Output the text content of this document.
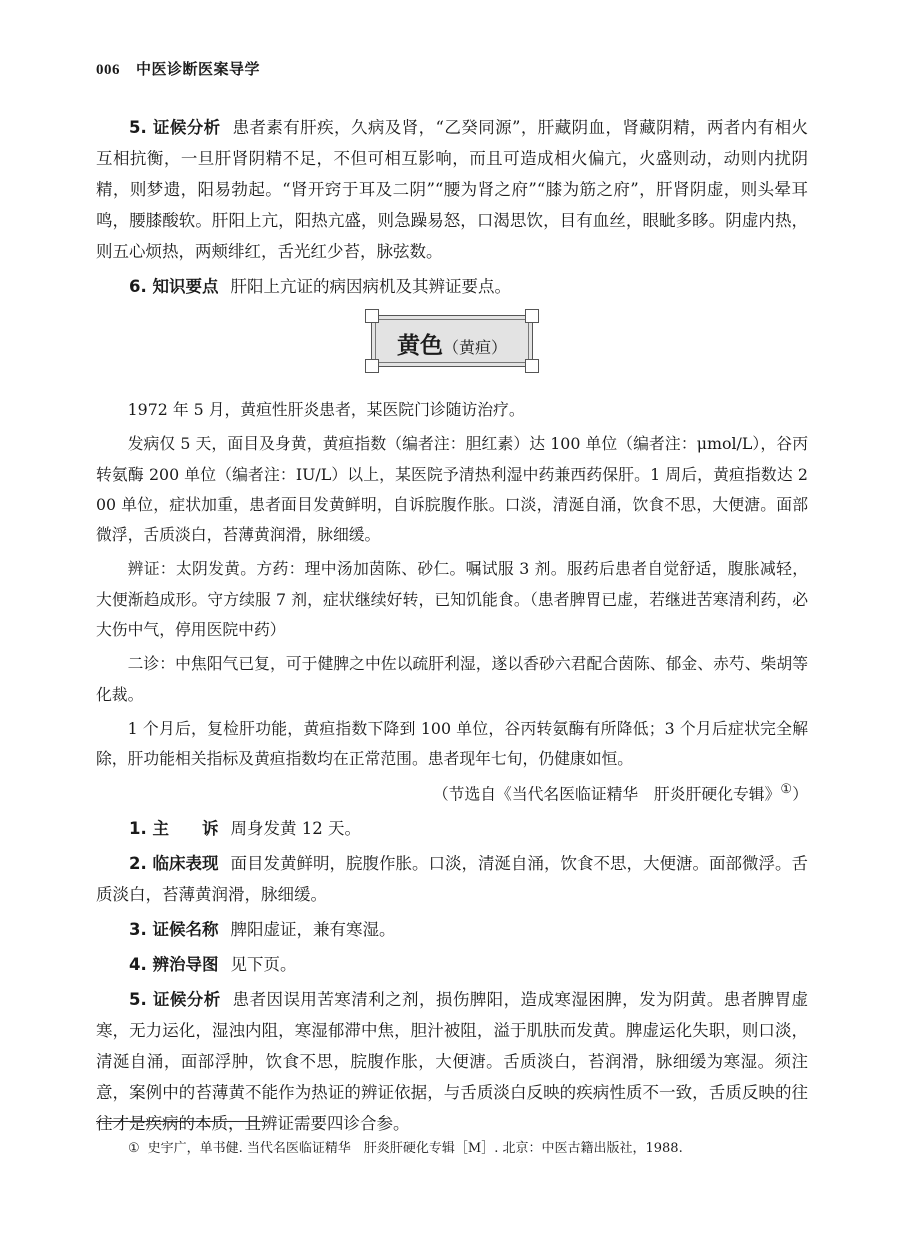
006 中医诊断医案导学

5. 证候分析 患者素有肝疾，久病及肾，“乙癸同源”，肝藏阴血，肾藏阴精，两者内有相火互相抗衡，一旦肝肾阴精不足，不但可相互影响，而且可造成相火偏亢，火盛则动，动则内扰阴精，则梦遗，阳易勃起。“肾开窍于耳及二阴”“腰为肾之府”“膝为筋之府”，肝肾阴虚，则头晕耳鸣，腰膝酸软。肝阳上亢，阳热亢盛，则急躁易怒，口渴思饮，目有血丝，眼眦多眵。阴虚内热，则五心烦热，两颊绯红，舌光红少苔，脉弦数。

6. 知识要点 肝阳上亢证的病因病机及其辨证要点。

黄色（黄疸）

1972 年 5 月，黄疸性肝炎患者，某医院门诊随访治疗。

发病仅 5 天，面目及身黄，黄疸指数（编者注：胆红素）达 100 单位（编者注：μmol/L），谷丙转氨酶 200 单位（编者注：IU/L）以上，某医院予清热利湿中药兼西药保肝。1 周后，黄疸指数达 200 单位，症状加重，患者面目发黄鲜明，自诉脘腹作胀。口淡，清涎自涌，饮食不思，大便溏。面部微浮，舌质淡白，苔薄黄润滑，脉细缓。

辨证：太阴发黄。方药：理中汤加茵陈、砂仁。嘱试服 3 剂。服药后患者自觉舒适，腹胀减轻，大便渐趋成形。守方续服 7 剂，症状继续好转，已知饥能食。（患者脾胃已虚，若继进苦寒清利药，必大伤中气，停用医院中药）

二诊：中焦阳气已复，可于健脾之中佐以疏肝利湿，遂以香砂六君配合茵陈、郁金、赤芍、柴胡等化裁。

1 个月后，复检肝功能，黄疸指数下降到 100 单位，谷丙转氨酶有所降低；3 个月后症状完全解除，肝功能相关指标及黄疸指数均在正常范围。患者现年七旬，仍健康如恒。

（节选自《当代名医临证精华　肝炎肝硬化专辑》①）

1. 主　　诉 周身发黄 12 天。

2. 临床表现 面目发黄鲜明，脘腹作胀。口淡，清涎自涌，饮食不思，大便溏。面部微浮。舌质淡白，苔薄黄润滑，脉细缓。

3. 证候名称 脾阳虚证，兼有寒湿。

4. 辨治导图 见下页。

5. 证候分析 患者因误用苦寒清利之剂，损伤脾阳，造成寒湿困脾，发为阴黄。患者脾胃虚寒，无力运化，湿浊内阻，寒湿郁滞中焦，胆汁被阻，溢于肌肤而发黄。脾虚运化失职，则口淡，清涎自涌，面部浮肿，饮食不思，脘腹作胀，大便溏。舌质淡白，苔润滑，脉细缓为寒湿。须注意，案例中的苔薄黄不能作为热证的辨证依据，与舌质淡白反映的疾病性质不一致，舌质反映的往往才是疾病的本质，且辨证需要四诊合参。

① 史宇广，单书健. 当代名医临证精华　肝炎肝硬化专辑［M］. 北京：中医古籍出版社，1988.
